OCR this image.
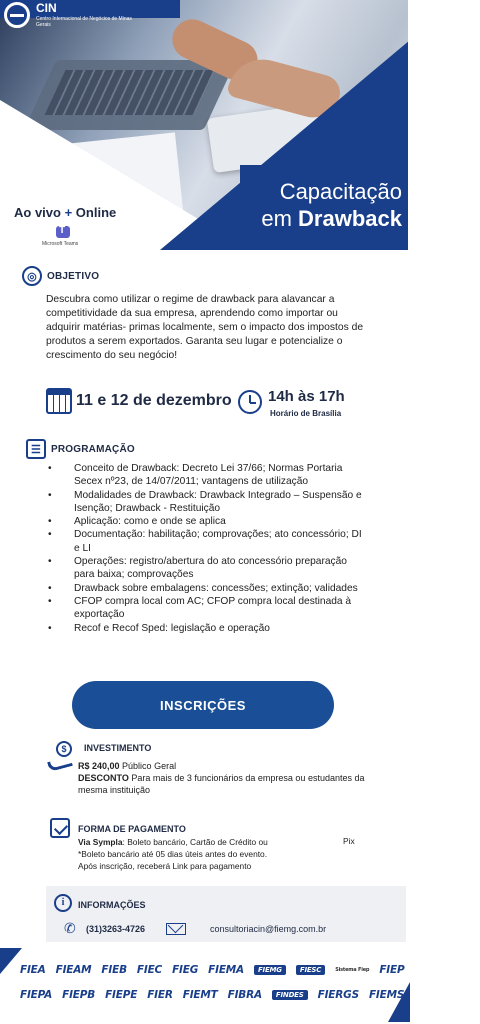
CIN
Centro Internacional de Negócios de Minas Gerais
Capacitação
em Drawback
Ao vivo + Online
T
Microsoft Teams
◎	OBJETIVO

Descubra como utilizar o regime de drawback para alavancar a competitividade da sua empresa, aprendendo como importar ou adquirir matérias- primas localmente, sem o impacto dos impostos de produtos a serem exportados. Garanta seu lugar e potencialize o crescimento do seu negócio!

11 e 12 de dezembro 14h às 17h
Horário de Brasília
☰ PROGRAMAÇÃO
• Conceito de Drawback: Decreto Lei 37/66; Normas Portaria Secex nº23, de 14/07/2011; vantagens de utilização
• Modalidades de Drawback: Drawback Integrado – Suspensão e Isenção; Drawback - Restituição
• Aplicação: como e onde se aplica
• Documentação: habilitação; comprovações; ato concessório; DI e LI
• Operações: registro/abertura do ato concessório preparação para baixa; comprovações
• Drawback sobre embalagens: concessões; extinção; validades
• CFOP compra local com AC; CFOP compra local destinada à exportação
• Recof e Recof Sped: legislação e operação
INSCRIÇÕES
$	INVESTIMENTO
R$ 240,00 Público Geral
DESCONTO Para mais de 3 funcionários da empresa ou estudantes da mesma instituição
FORMA DE PAGAMENTO
Via Sympla: Boleto bancário, Cartão de Crédito ou
*Boleto bancário até 05 dias úteis antes do evento.
Após inscrição, receberá Link para pagamento
Pix
i	INFORMAÇÕES
✆ (31)3263-4726	consultoriacin@fiemg.com.br
FIEA FIEAM FIEB FIEC FIEG FIEMA	FIEMG	FIESC	Sistema Fiep FIEP
FIEPA FIEPB FIEPE FIER FIEMT FIBRA	FINDES	FIERGS FIEMS
